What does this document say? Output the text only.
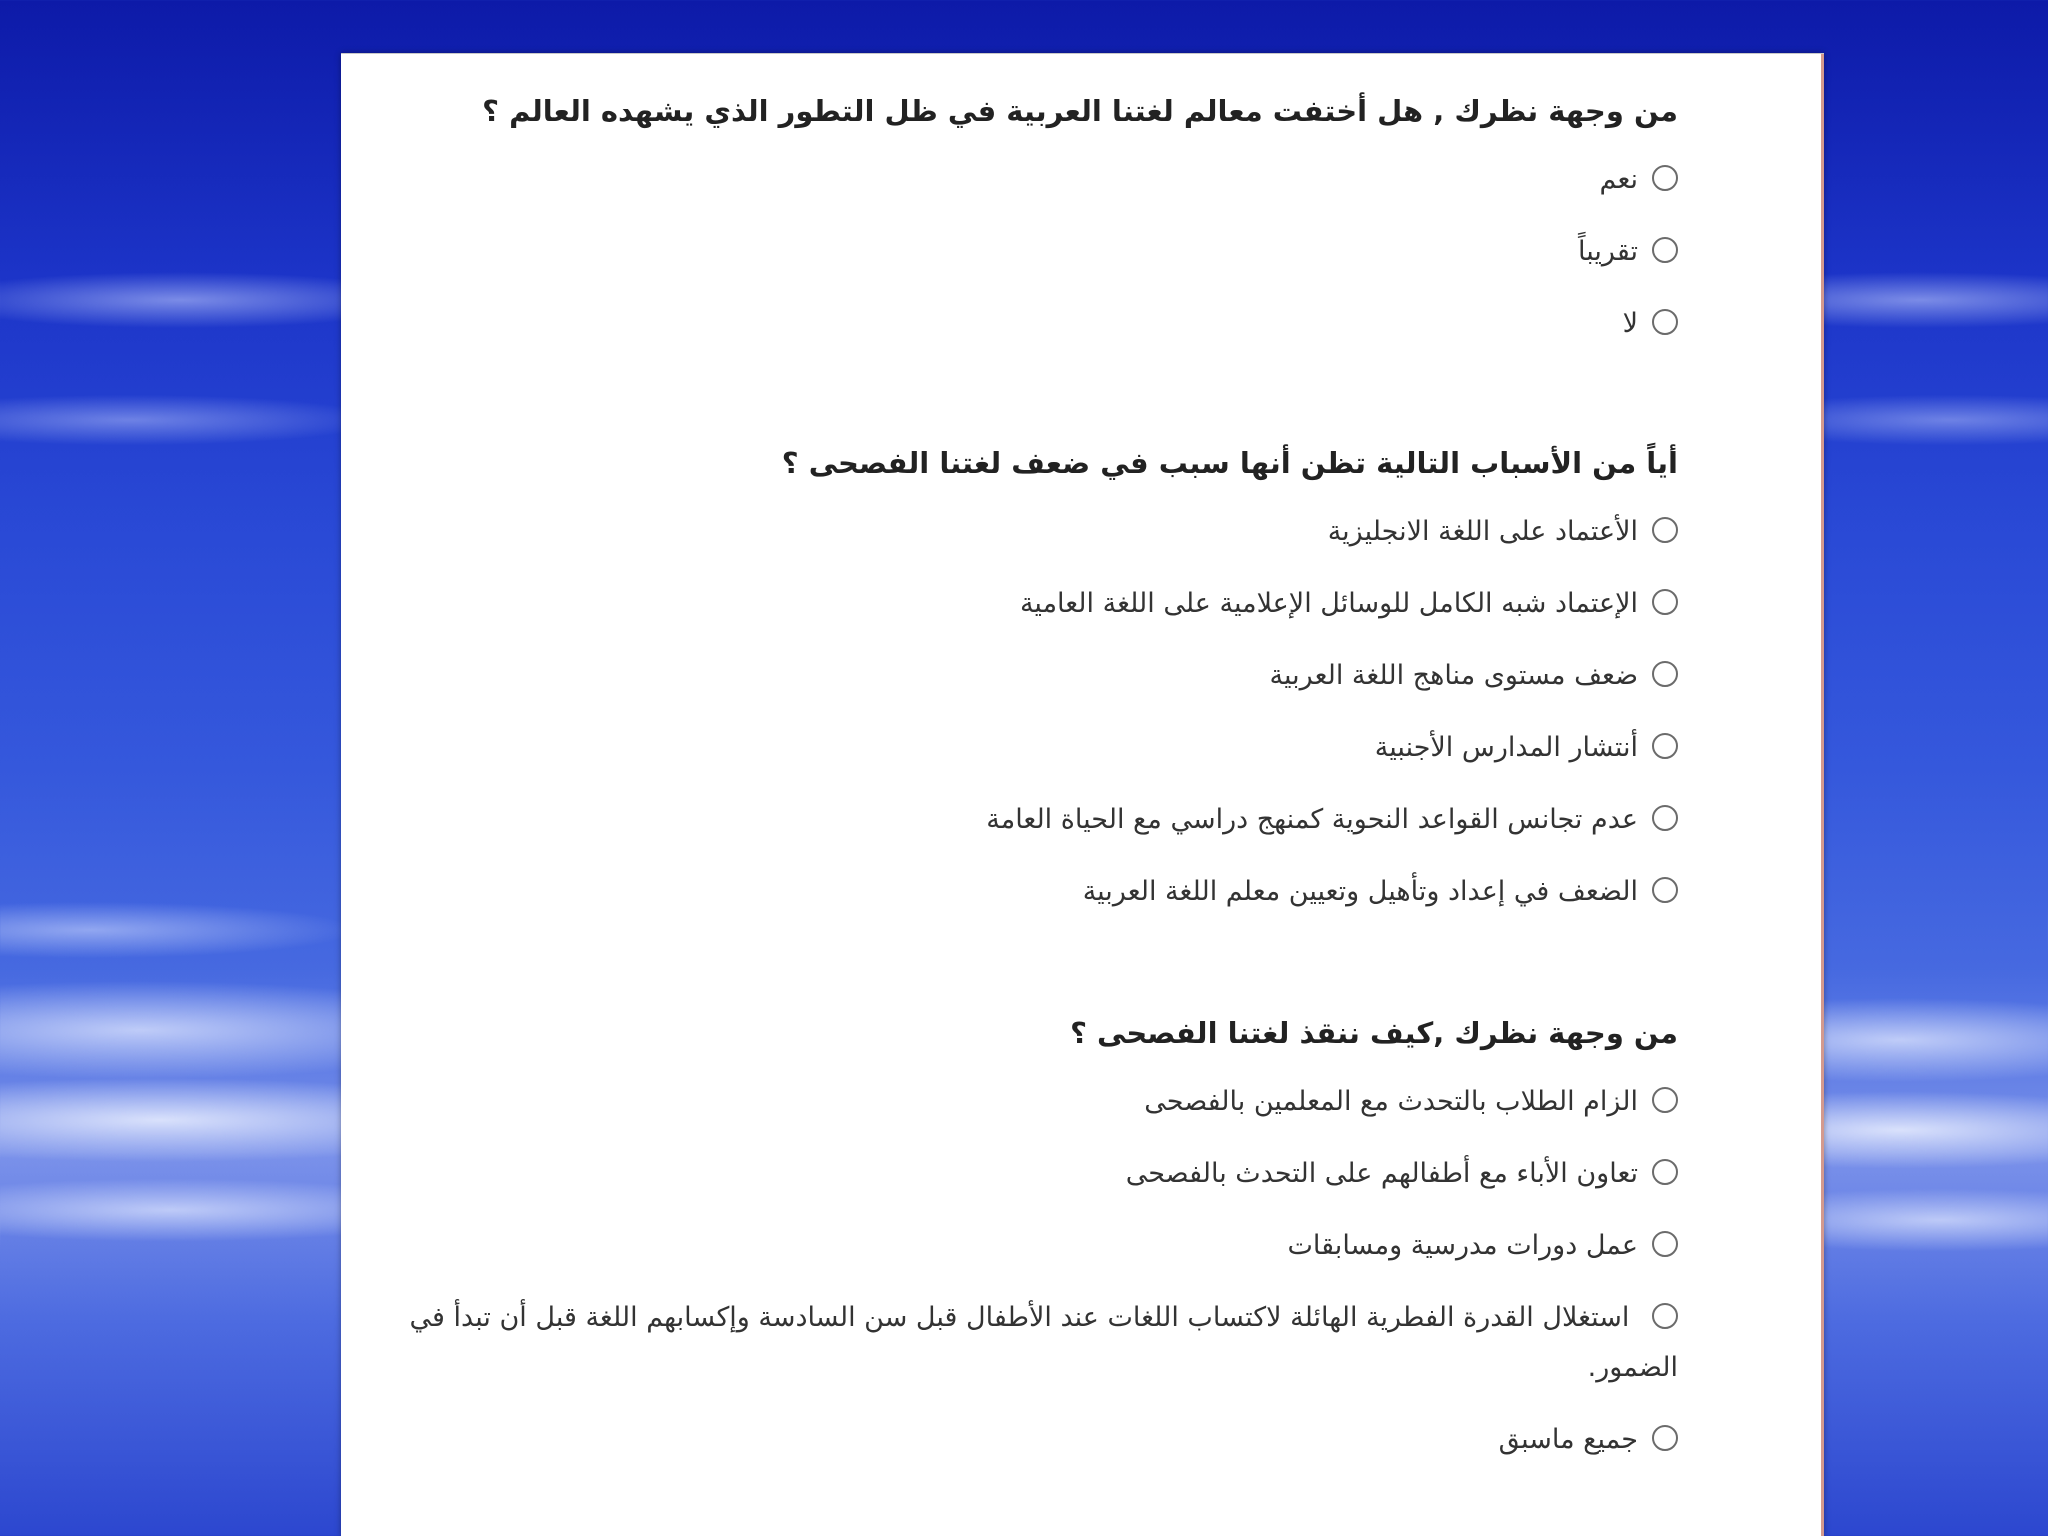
من وجهة نظرك , هل أختفت معالم لغتنا العربية في ظل التطور الذي يشهده العالم ؟
نعم
تقريباً
لا
أياً من الأسباب التالية تظن أنها سبب في ضعف لغتنا الفصحى ؟
الأعتماد على اللغة الانجليزية
الإعتماد شبه الكامل للوسائل الإعلامية على اللغة العامية
ضعف مستوى مناهج اللغة العربية
أنتشار المدارس الأجنبية
عدم تجانس القواعد النحوية كمنهج دراسي مع الحياة العامة
الضعف في إعداد وتأهيل وتعيين معلم اللغة العربية
من وجهة نظرك ,كيف ننقذ لغتنا الفصحى ؟
الزام الطلاب بالتحدث مع المعلمين بالفصحى
تعاون الأباء مع أطفالهم على التحدث بالفصحى
عمل دورات مدرسية ومسابقات
استغلال القدرة الفطرية الهائلة لاكتساب اللغات عند الأطفال قبل سن السادسة وإكسابهم اللغة قبل أن تبدأ في الضمور.
جميع ماسبق
